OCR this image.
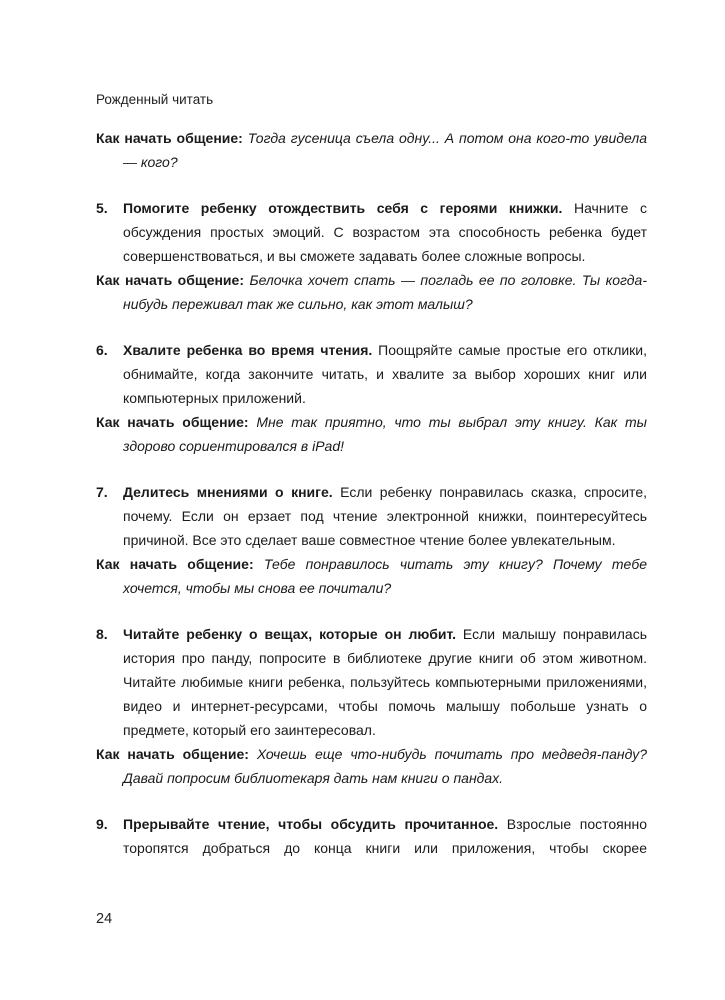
Рожденный читать

Как начать общение: Тогда гусеница съела одну... А потом она кого-то увидела — кого?

5. Помогите ребенку отождествить себя с героями книжки. Начните с обсуждения простых эмоций. С возрастом эта способность ребенка будет совершенствоваться, и вы сможете задавать более сложные вопросы.

Как начать общение: Белочка хочет спать — погладь ее по головке. Ты когда-нибудь переживал так же сильно, как этот малыш?

6. Хвалите ребенка во время чтения. Поощряйте самые простые его отклики, обнимайте, когда закончите читать, и хвалите за выбор хороших книг или компьютерных приложений.

Как начать общение: Мне так приятно, что ты выбрал эту книгу. Как ты здорово сориентировался в iPad!

7. Делитесь мнениями о книге. Если ребенку понравилась сказка, спросите, почему. Если он ерзает под чтение электронной книжки, поинтересуйтесь причиной. Все это сделает ваше совместное чтение более увлекательным.

Как начать общение: Тебе понравилось читать эту книгу? Почему тебе хочется, чтобы мы снова ее почитали?

8. Читайте ребенку о вещах, которые он любит. Если малышу понравилась история про панду, попросите в библиотеке другие книги об этом животном. Читайте любимые книги ребенка, пользуйтесь компьютерными приложениями, видео и интернет-ресурсами, чтобы помочь малышу побольше узнать о предмете, который его заинтересовал.

Как начать общение: Хочешь еще что-нибудь почитать про медведя-панду? Давай попросим библиотекаря дать нам книги о пандах.

9. Прерывайте чтение, чтобы обсудить прочитанное. Взрослые постоянно торопятся добраться до конца книги или приложения, чтобы скорее

24
